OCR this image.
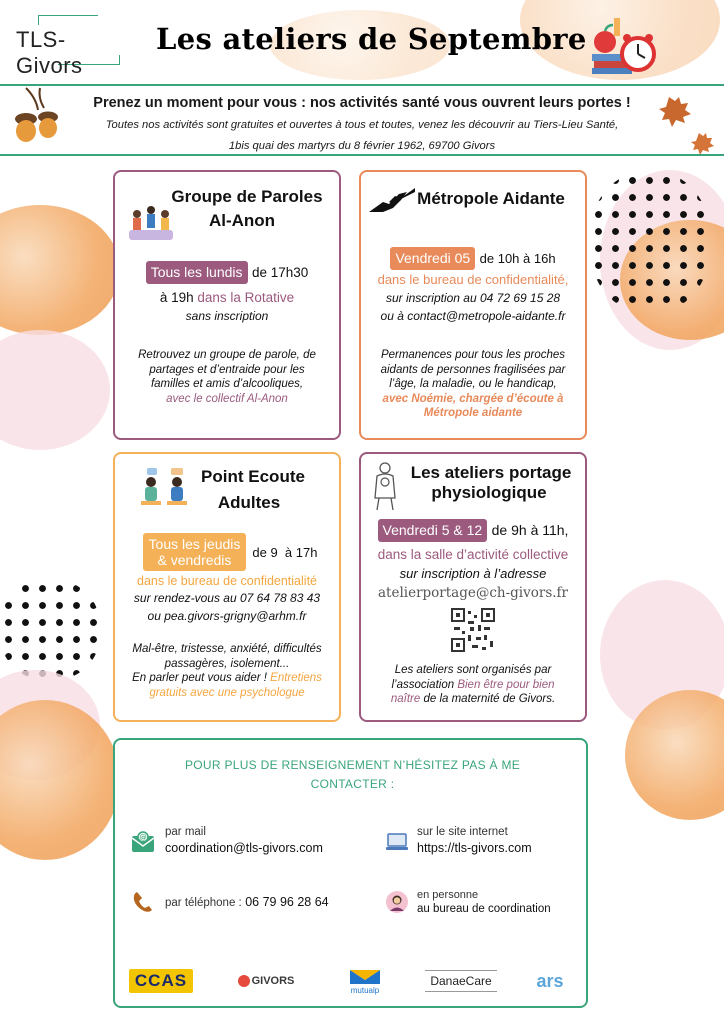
TLS-Givors
Les ateliers de Septembre
Prenez un moment pour vous : nos activités santé vous ouvrent leurs portes !
Toutes nos activités sont gratuites et ouvertes à tous et toutes, venez les découvrir au Tiers-Lieu Santé,
1bis quai des martyrs du 8 février 1962, 69700 Givors
Groupe de Paroles
Al-Anon
Tous les lundis de 17h30
à 19h dans la Rotative
sans inscription
Retrouvez un groupe de parole, de
partages et d’entraide pour les
familles et amis d’alcooliques,
avec le collectif Al-Anon
Métropole Aidante
Vendredi 05 de 10h à 16h
dans le bureau de confidentialité,
sur inscription au 04 72 69 15 28
ou à contact@metropole-aidante.fr
Permanences pour tous les proches
aidants de personnes fragilisées par
l’âge, la maladie, ou le handicap,
avec Noémie, chargée d’écoute à
Métropole aidante
Point Ecoute
Adultes
Tous les jeudis
& vendredis	de 9  à 17h
dans le bureau de confidentialité
sur rendez-vous au 07 64 78 83 43
ou pea.givors-grigny@arhm.fr
Mal-être, tristesse, anxiété, difficultés
passagères, isolement...
En parler peut vous aider ! Entretiens
gratuits avec une psychologue
Les ateliers portage
physiologique
Vendredi 5 & 12 de 9h à 11h,
dans la salle d’activité collective
sur inscription à l’adresse
atelierportage@ch-givors.fr
Les ateliers sont organisés par
l’association Bien être pour bien
naître de la maternité de Givors.
POUR PLUS DE RENSEIGNEMENT N’HÉSITEZ PAS À ME
CONTACTER :
@ par mail
coordination@tls-givors.com
sur le site internet
https://tls-givors.com
par téléphone : 06 79 96 28 64	en personne
au bureau de coordination
CCAS	GIVORS
mutualp
DanaeCare ars
